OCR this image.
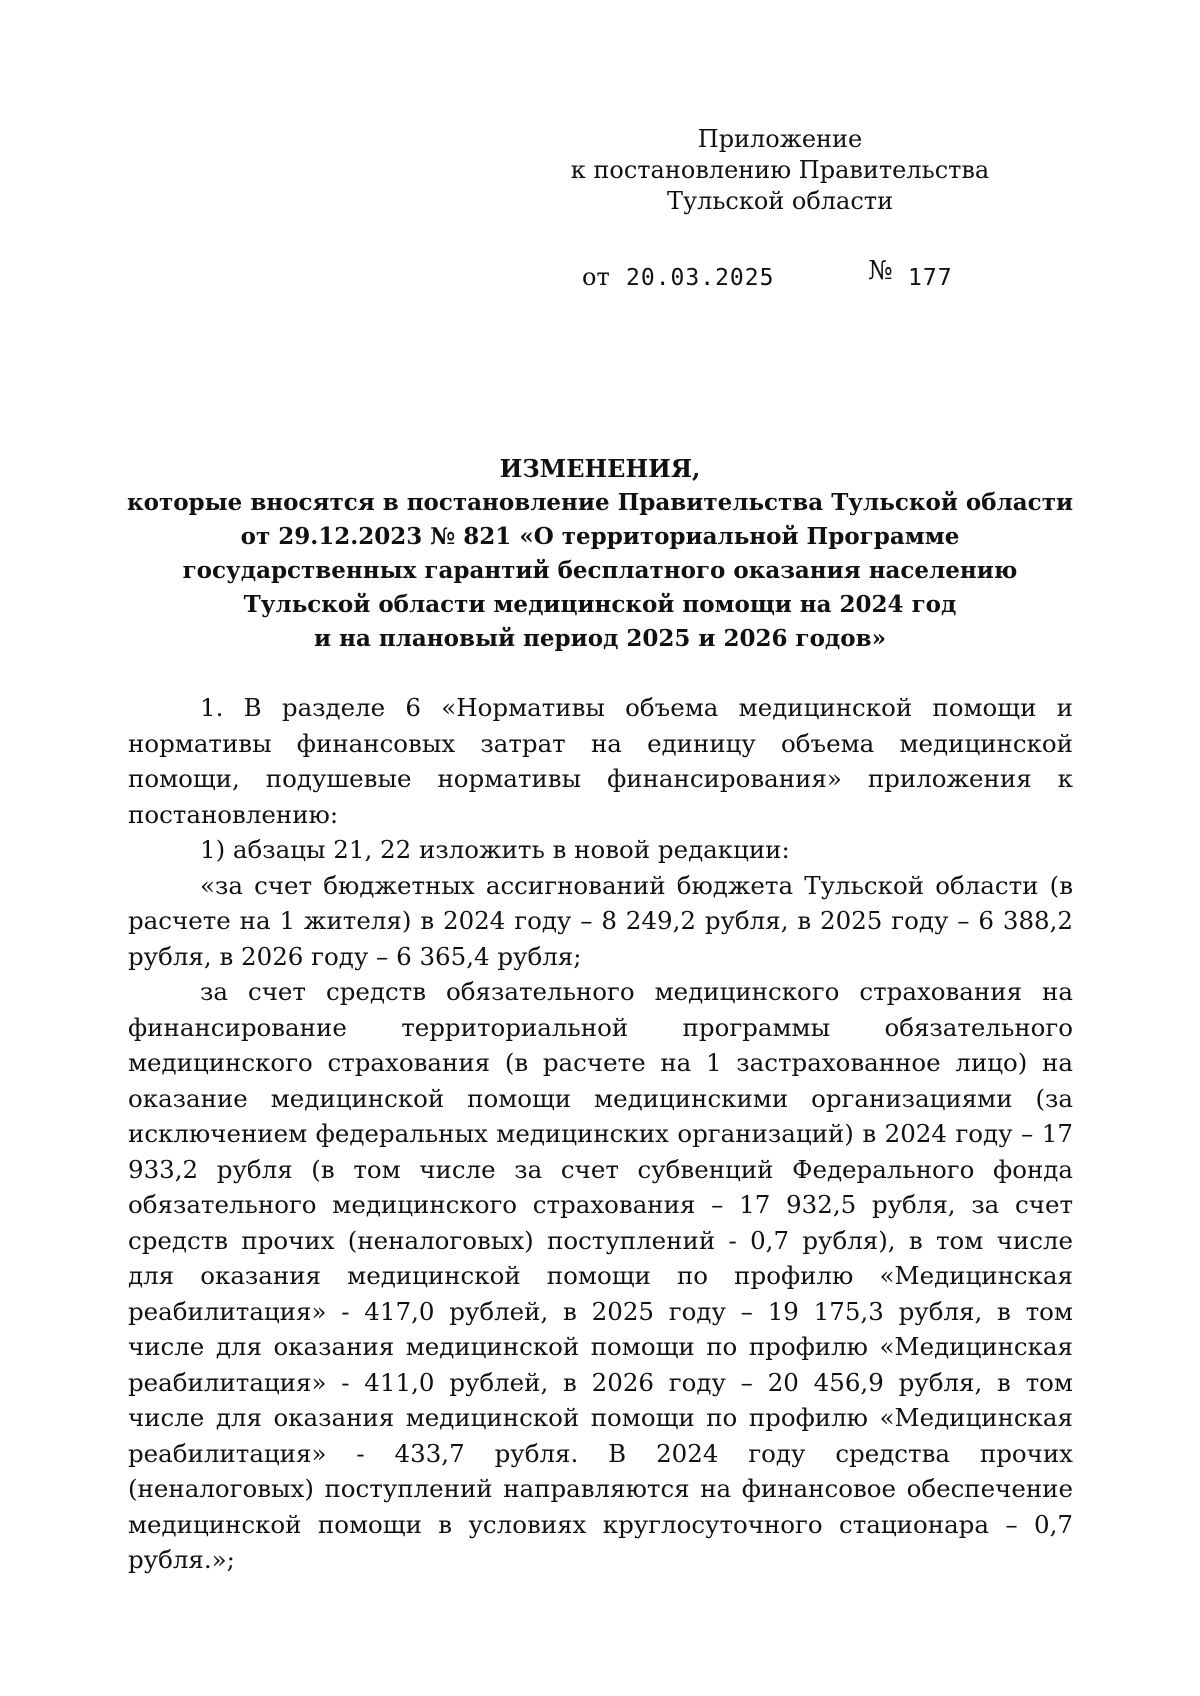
Приложение
к постановлению Правительства
Тульской области
от 20.03.2025	№ 177
ИЗМЕНЕНИЯ,
которые вносятся в постановление Правительства Тульской области
от 29.12.2023 № 821 «О территориальной Программе
государственных гарантий бесплатного оказания населению
Тульской области медицинской помощи на 2024 год
и на плановый период 2025 и 2026 годов»

1. В разделе 6 «Нормативы объема медицинской помощи и нормативы финансовых затрат на единицу объема медицинской помощи, подушевые нормативы финансирования» приложения к постановлению:

1) абзацы 21, 22 изложить в новой редакции:

«за счет бюджетных ассигнований бюджета Тульской области (в расчете на 1 жителя) в 2024 году – 8 249,2 рубля, в 2025 году – 6 388,2 рубля, в 2026 году – 6 365,4 рубля;

за счет средств обязательного медицинского страхования на финансирование территориальной программы обязательного медицинского страхования (в расчете на 1 застрахованное лицо) на оказание медицинской помощи медицинскими организациями (за исключением федеральных медицинских организаций) в 2024 году – 17 933,2 рубля (в том числе за счет субвенций Федерального фонда обязательного медицинского страхования – 17 932,5 рубля, за счет средств прочих (неналоговых) поступлений - 0,7 рубля), в том числе для оказания медицинской помощи по профилю «Медицинская реабилитация» - 417,0 рублей, в 2025 году – 19 175,3 рубля, в том числе для оказания медицинской помощи по профилю «Медицинская реабилитация» - 411,0 рублей, в 2026 году – 20 456,9 рубля, в том числе для оказания медицинской помощи по профилю «Медицинская реабилитация» - 433,7 рубля. В 2024 году средства прочих (неналоговых) поступлений направляются на финансовое обеспечение медицинской помощи в условиях круглосуточного стационара – 0,7 рубля.»;
